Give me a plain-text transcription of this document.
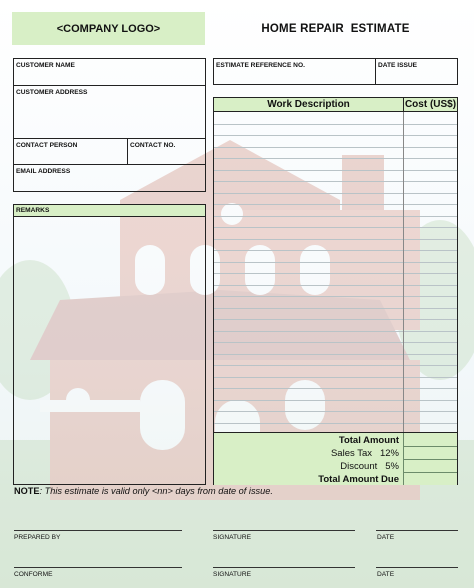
<COMPANY LOGO>	HOME REPAIR  ESTIMATE
CUSTOMER NAME
CUSTOMER ADDRESS
CONTACT PERSON	CONTACT NO.
EMAIL ADDRESS
ESTIMATE REFERENCE NO.	DATE ISSUE
REMARKS
Work Description	Cost (US$)
Total Amount
Sales Tax 12%
Discount 5%
Total Amount Due
NOTE: This estimate is valid only <nn> days from date of issue.
PREPARED BY	SIGNATURE	DATE
CONFORME	SIGNATURE	DATE
